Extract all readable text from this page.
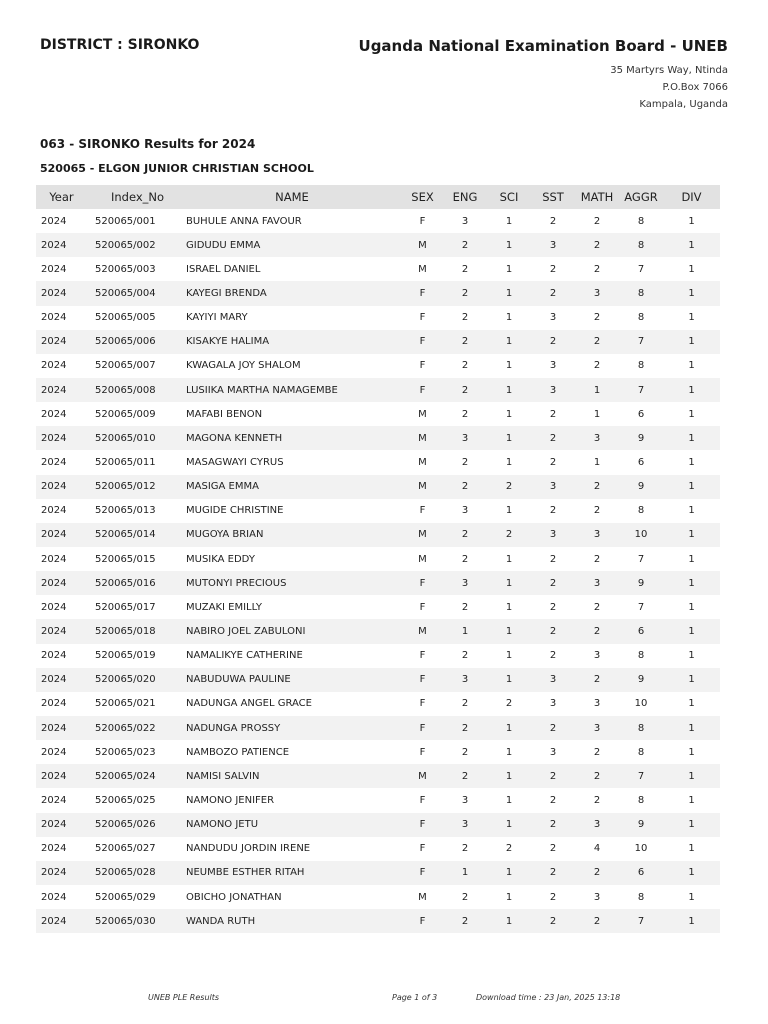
DISTRICT : SIRONKO	Uganda National Examination Board - UNEB
35 Martyrs Way, Ntinda
P.O.Box 7066
Kampala, Uganda
063 - SIRONKO Results for 2024
520065 - ELGON JUNIOR CHRISTIAN SCHOOL
Year	Index_No	NAME	SEX	ENG	SCI	SST	MATH	AGGR	DIV
2024	520065/001	BUHULE ANNA FAVOUR	F	3	1	2	2	8	1
2024	520065/002	GIDUDU EMMA	M	2	1	3	2	8	1
2024	520065/003	ISRAEL DANIEL	M	2	1	2	2	7	1
2024	520065/004	KAYEGI BRENDA	F	2	1	2	3	8	1
2024	520065/005	KAYIYI MARY	F	2	1	3	2	8	1
2024	520065/006	KISAKYE HALIMA	F	2	1	2	2	7	1
2024	520065/007	KWAGALA JOY SHALOM	F	2	1	3	2	8	1
2024	520065/008	LUSIIKA MARTHA NAMAGEMBE	F	2	1	3	1	7	1
2024	520065/009	MAFABI BENON	M	2	1	2	1	6	1
2024	520065/010	MAGONA KENNETH	M	3	1	2	3	9	1
2024	520065/011	MASAGWAYI CYRUS	M	2	1	2	1	6	1
2024	520065/012	MASIGA EMMA	M	2	2	3	2	9	1
2024	520065/013	MUGIDE CHRISTINE	F	3	1	2	2	8	1
2024	520065/014	MUGOYA BRIAN	M	2	2	3	3	10	1
2024	520065/015	MUSIKA EDDY	M	2	1	2	2	7	1
2024	520065/016	MUTONYI PRECIOUS	F	3	1	2	3	9	1
2024	520065/017	MUZAKI EMILLY	F	2	1	2	2	7	1
2024	520065/018	NABIRO JOEL ZABULONI	M	1	1	2	2	6	1
2024	520065/019	NAMALIKYE CATHERINE	F	2	1	2	3	8	1
2024	520065/020	NABUDUWA PAULINE	F	3	1	3	2	9	1
2024	520065/021	NADUNGA ANGEL GRACE	F	2	2	3	3	10	1
2024	520065/022	NADUNGA PROSSY	F	2	1	2	3	8	1
2024	520065/023	NAMBOZO PATIENCE	F	2	1	3	2	8	1
2024	520065/024	NAMISI SALVIN	M	2	1	2	2	7	1
2024	520065/025	NAMONO JENIFER	F	3	1	2	2	8	1
2024	520065/026	NAMONO JETU	F	3	1	2	3	9	1
2024	520065/027	NANDUDU JORDIN IRENE	F	2	2	2	4	10	1
2024	520065/028	NEUMBE ESTHER RITAH	F	1	1	2	2	6	1
2024	520065/029	OBICHO JONATHAN	M	2	1	2	3	8	1
2024	520065/030	WANDA RUTH	F	2	1	2	2	7	1
UNEB PLE Results	Page 1 of 3	Download time : 23 Jan, 2025 13:18
